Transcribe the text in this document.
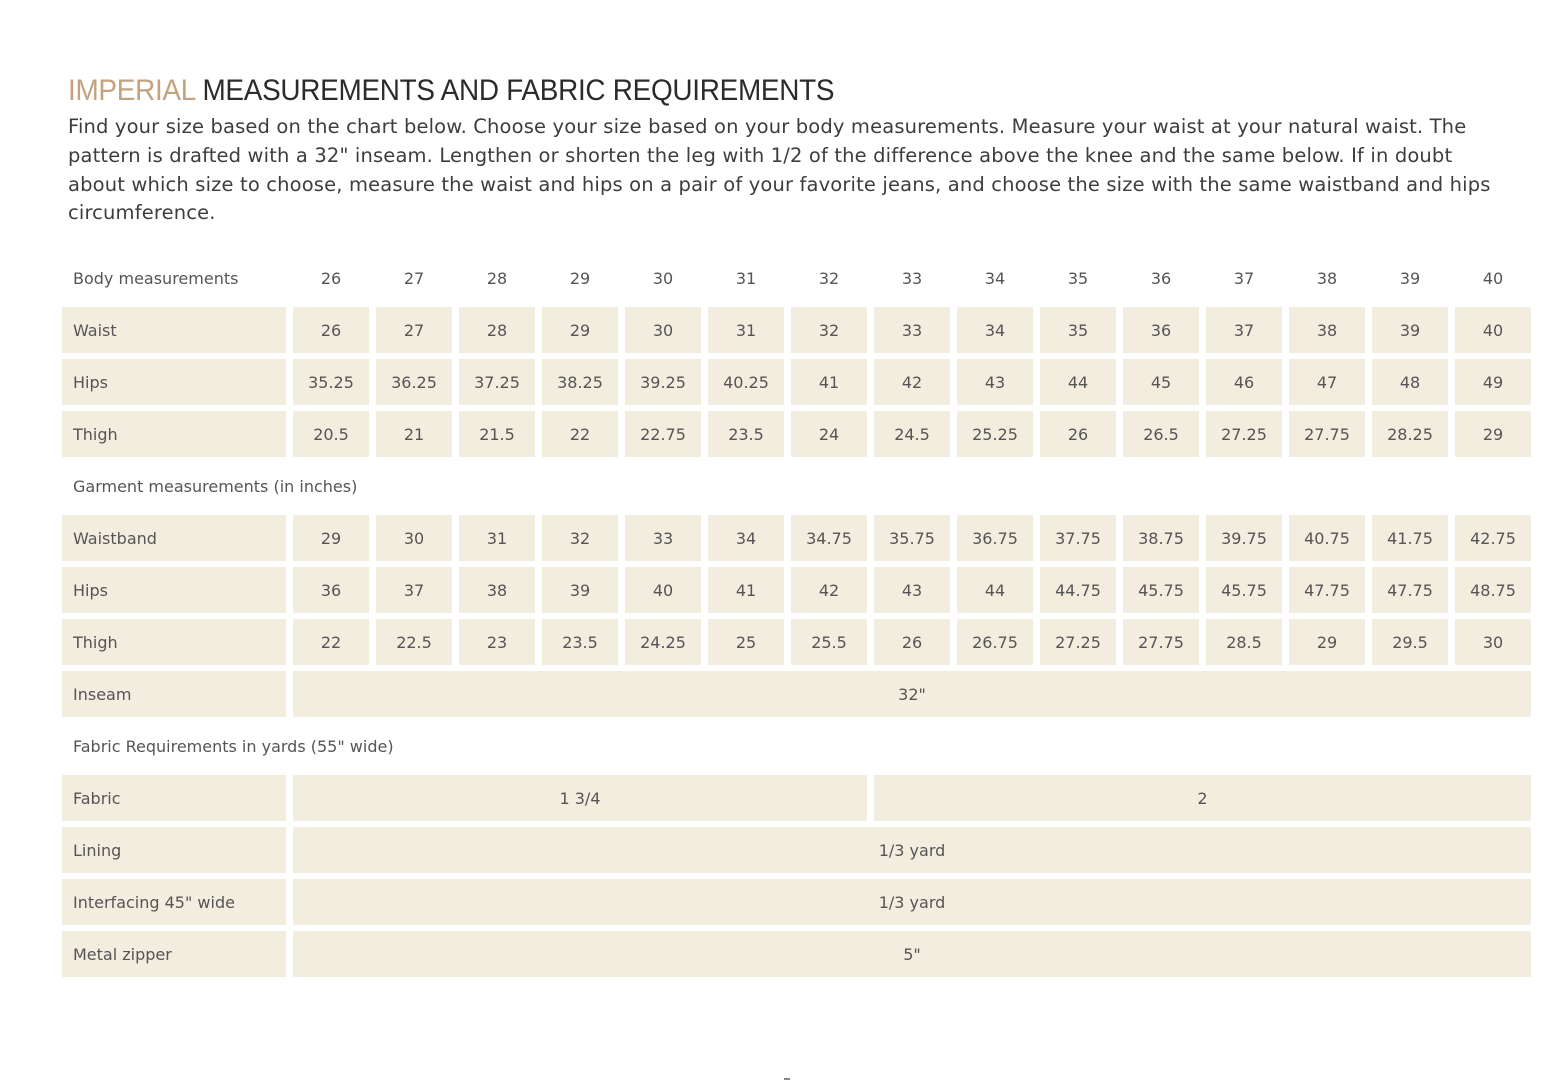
IMPERIAL MEASUREMENTS AND FABRIC REQUIREMENTS
Find your size based on the chart below. Choose your size based on your body measurements. Measure your waist at your natural waist. The pattern is drafted with a 32" inseam. Lengthen or shorten the leg with 1/2 of the difference above the knee and the same below. If in doubt about which size to choose, measure the waist and hips on a pair of your favorite jeans, and choose the size with the same waistband and hips circumference.
Body measurements	26	27	28	29	30	31	32	33	34	35	36	37	38	39	40
Waist	26	27	28	29	30	31	32	33	34	35	36	37	38	39	40
Hips	35.25	36.25	37.25	38.25	39.25	40.25	41	42	43	44	45	46	47	48	49
Thigh	20.5	21	21.5	22	22.75	23.5	24	24.5	25.25	26	26.5	27.25	27.75	28.25	29
Garment measurements (in inches)
Waistband	29	30	31	32	33	34	34.75	35.75	36.75	37.75	38.75	39.75	40.75	41.75	42.75
Hips	36	37	38	39	40	41	42	43	44	44.75	45.75	45.75	47.75	47.75	48.75
Thigh	22	22.5	23	23.5	24.25	25	25.5	26	26.75	27.25	27.75	28.5	29	29.5	30
Inseam	32"
Fabric Requirements in yards (55" wide)
Fabric	1 3/4	2
Lining	1/3 yard
Interfacing 45" wide	1/3 yard
Metal zipper	5"
